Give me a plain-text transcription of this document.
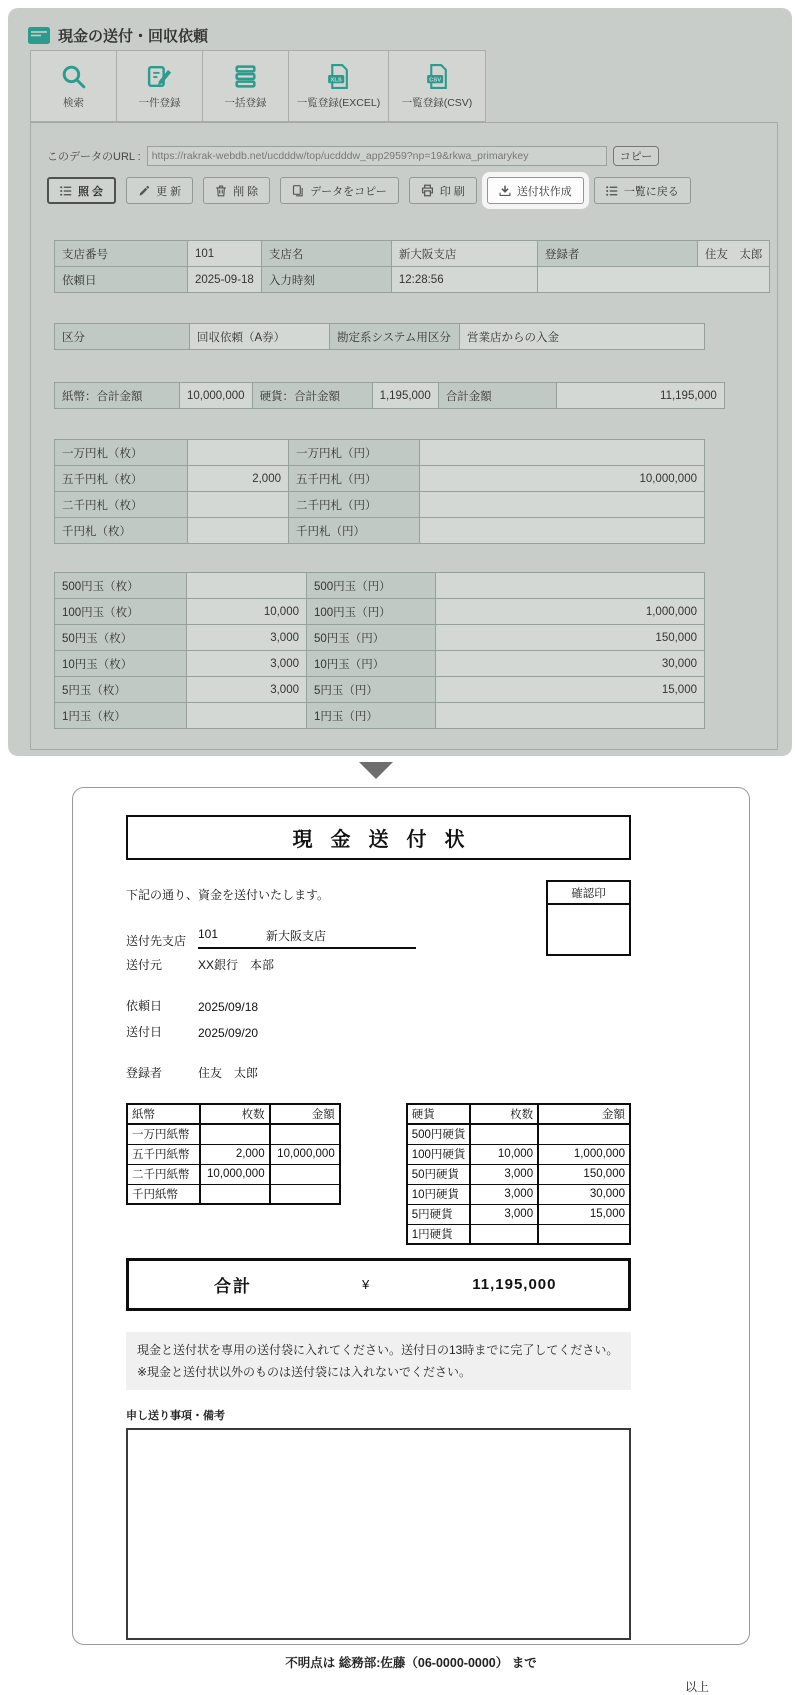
現金の送付・回収依頼
検索	一件登録	一括登録
XLS
一覧登録(EXCEL)
CSV
一覧登録(CSV)
このデータのURL :	https://rakrak-webdb.net/ucdddw/top/ucdddw_app2959?np=19&rkwa_primarykey	コピー
照 会	更 新	削 除	データをコピー	印 刷	送付状作成	一覧に戻る
支店番号	101	支店名	新大阪支店	登録者	住友　太郎
依頼日	2025-09-18	入力時刻	12:28:56		
区分	回収依頼（A券）	勘定系システム用区分	営業店からの入金
紙幣：合計金額	10,000,000	硬貨：合計金額	1,195,000	合計金額	11,195,000
一万円札（枚）		一万円札（円）	
五千円札（枚）	2,000	五千円札（円）	10,000,000
二千円札（枚）		二千円札（円）	
千円札（枚）		千円札（円）	
500円玉（枚）		500円玉（円）	
100円玉（枚）	10,000	100円玉（円）	1,000,000
50円玉（枚）	3,000	50円玉（円）	150,000
10円玉（枚）	3,000	10円玉（円）	30,000
5円玉（枚）	3,000	5円玉（円）	15,000
1円玉（枚）		1円玉（円）	
確認印
現金送付状
下記の通り、資金を送付いたします。
送付先支店 101	新大阪支店
送付元	XX銀行　本部
依頼日	2025/09/18
送付日	2025/09/20
登録者	住友　太郎
紙幣	枚数	金額
一万円紙幣		
五千円紙幣	2,000	10,000,000
二千円紙幣	10,000,000	
千円紙幣		
硬貨	枚数	金額
500円硬貨		
100円硬貨	10,000	1,000,000
50円硬貨	3,000	150,000
10円硬貨	3,000	30,000
5円硬貨	3,000	15,000
1円硬貨		
合計	¥	11,195,000
現金と送付状を専用の送付袋に入れてください。送付日の13時までに完了してください。
※現金と送付状以外のものは送付袋には入れないでください。
申し送り事項・備考
不明点は 総務部:佐藤（06-0000-0000） まで
以上
